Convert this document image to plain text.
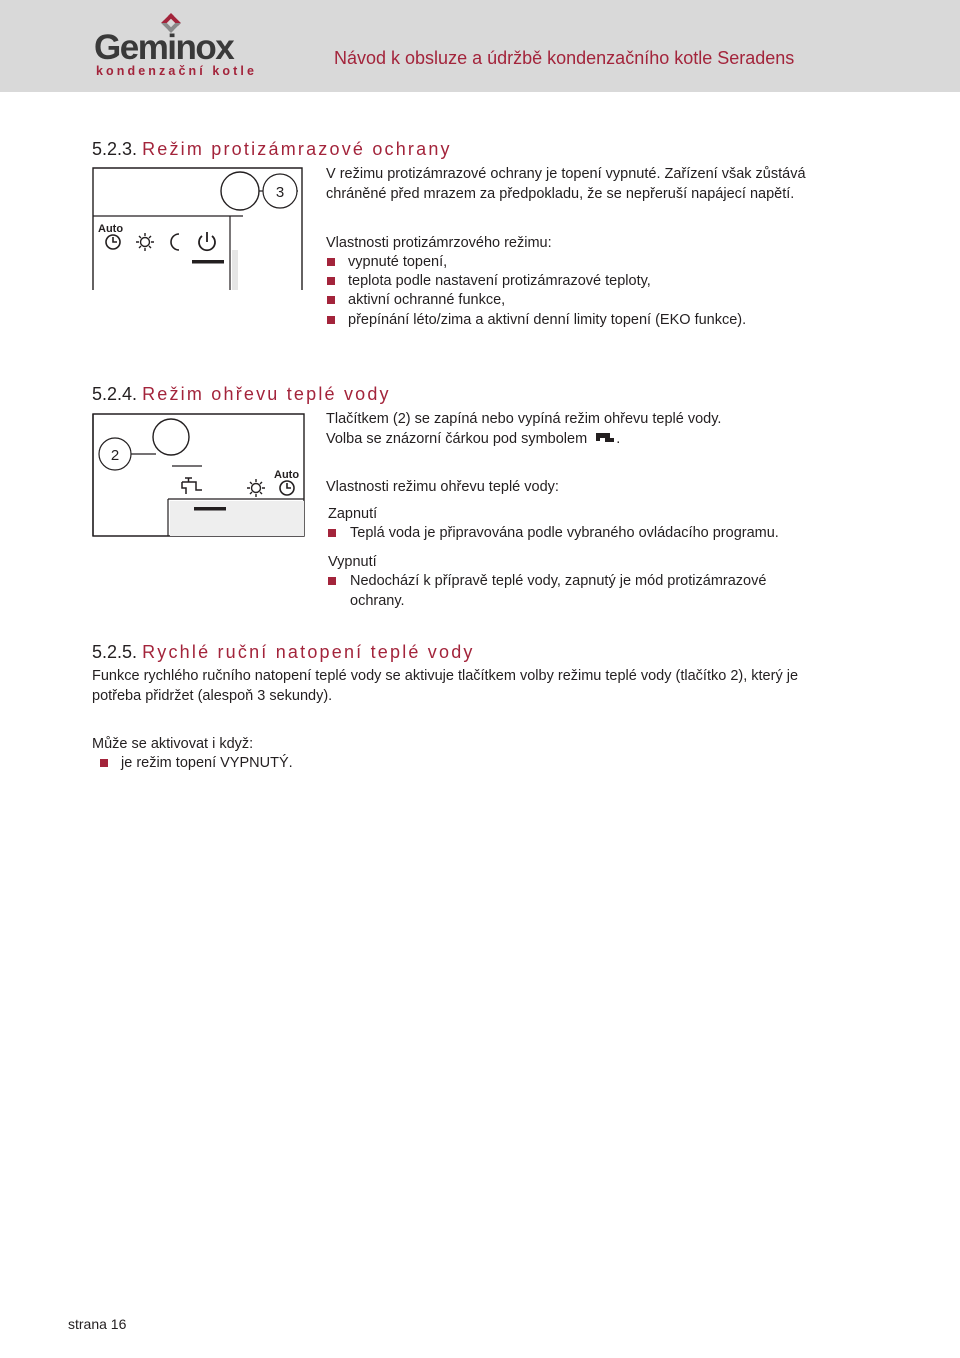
Geminox
kondenzační kotle
Návod k obsluze a údržbě kondenzačního kotle Seradens
5.2.3. Režim protizámrazové ochrany
3
Auto
V režimu protizámrazové ochrany je topení vypnuté. Zařízení však zůstává
chráněné před mrazem za předpokladu, že se nepřeruší napájecí napětí.
Vlastnosti protizámrzového režimu:
vypnuté topení,
teplota podle nastavení protizámrazové teploty,
aktivní ochranné funkce,
přepínání léto/zima a aktivní denní limity topení (EKO funkce).
5.2.4. Režim ohřevu teplé vody
2
Auto
Tlačítkem (2) se zapíná nebo vypíná režim ohřevu teplé vody.
Volba se znázorní čárkou pod symbolem .
Vlastnosti režimu ohřevu teplé vody:
Zapnutí
Teplá voda je připravována podle vybraného ovládacího programu.
Vypnutí
Nedochází k přípravě teplé vody, zapnutý je mód protizámrazové
ochrany.
5.2.5. Rychlé ruční natopení teplé vody
Funkce rychlého ručního natopení teplé vody se aktivuje tlačítkem volby režimu teplé vody (tlačítko 2), který je
potřeba přidržet (alespoň 3 sekundy).
Může se aktivovat i když:
je režim topení VYPNUTÝ.
strana 16
